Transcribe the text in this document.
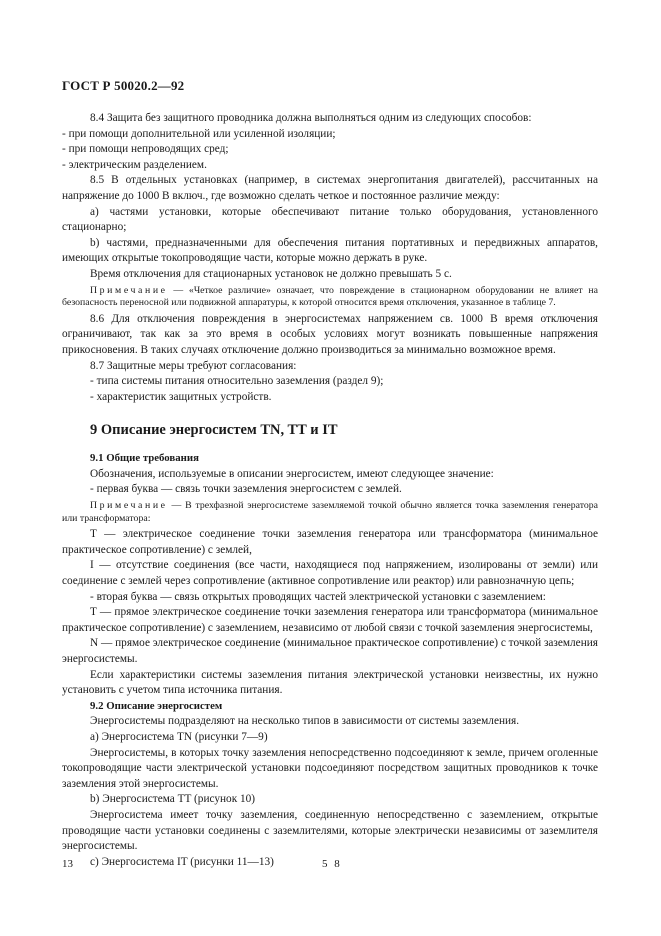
ГОСТ Р 50020.2—92

8.4 Защита без защитного проводника должна выполняться одним из следующих способов:

- при помощи дополнительной или усиленной изоляции;

- при помощи непроводящих сред;

- электрическим разделением.

8.5 В отдельных установках (например, в системах энергопитания двигателей), рассчитанных на напряжение до 1000 В включ., где возможно сделать четкое и постоянное различие между:

a) частями установки, которые обеспечивают питание только оборудования, установленного стационарно;

b) частями, предназначенными для обеспечения питания портативных и передвижных аппаратов, имеющих открытые токопроводящие части, которые можно держать в руке.

Время отключения для стационарных установок не должно превышать 5 с.

Примечание — «Четкое различие» означает, что повреждение в стационарном оборудовании не влияет на безопасность переносной или подвижной аппаратуры, к которой относится время отключения, указанное в таблице 7.

8.6 Для отключения повреждения в энергосистемах напряжением св. 1000 В время отключения ограничивают, так как за это время в особых условиях могут возникать повышенные напряжения прикосновения. В таких случаях отключение должно производиться за минимально возможное время.

8.7 Защитные меры требуют согласования:

- типа системы питания относительно заземления (раздел 9);

- характеристик защитных устройств.

9 Описание энергосистем TN, TT и IT
9.1 Общие требования

Обозначения, используемые в описании энергосистем, имеют следующее значение:

- первая буква — связь точки заземления энергосистем с землей.

Примечание — В трехфазной энергосистеме заземляемой точкой обычно является точка заземления генератора или трансформатора:

T — электрическое соединение точки заземления генератора или трансформатора (минимальное практическое сопротивление) с землей,

I — отсутствие соединения (все части, находящиеся под напряжением, изолированы от земли) или соединение с землей через сопротивление (активное сопротивление или реактор) или равнозначную цепь;

- вторая буква — связь открытых проводящих частей электрической установки с заземлением:

T — прямое электрическое соединение точки заземления генератора или трансформатора (минимальное практическое сопротивление) с заземлением, независимо от любой связи с точкой заземления энергосистемы,

N — прямое электрическое соединение (минимальное практическое сопротивление) с точкой заземления энергосистемы.

Если характеристики системы заземления питания электрической установки неизвестны, их нужно установить с учетом типа источника питания.

9.2 Описание энергосистем

Энергосистемы подразделяют на несколько типов в зависимости от системы заземления.

a) Энергосистема TN (рисунки 7—9)

Энергосистемы, в которых точку заземления непосредственно подсоединяют к земле, причем оголенные токопроводящие части электрической установки подсоединяют посредством защитных проводников к точке заземления этой энергосистемы.

b) Энергосистема TT (рисунок 10)

Энергосистема имеет точку заземления, соединенную непосредственно с заземлением, открытые проводящие части установки соединены с заземлителями, которые электрически независимы от заземлителя энергосистемы.

c) Энергосистема IT (рисунки 11—13)

13	5 8
